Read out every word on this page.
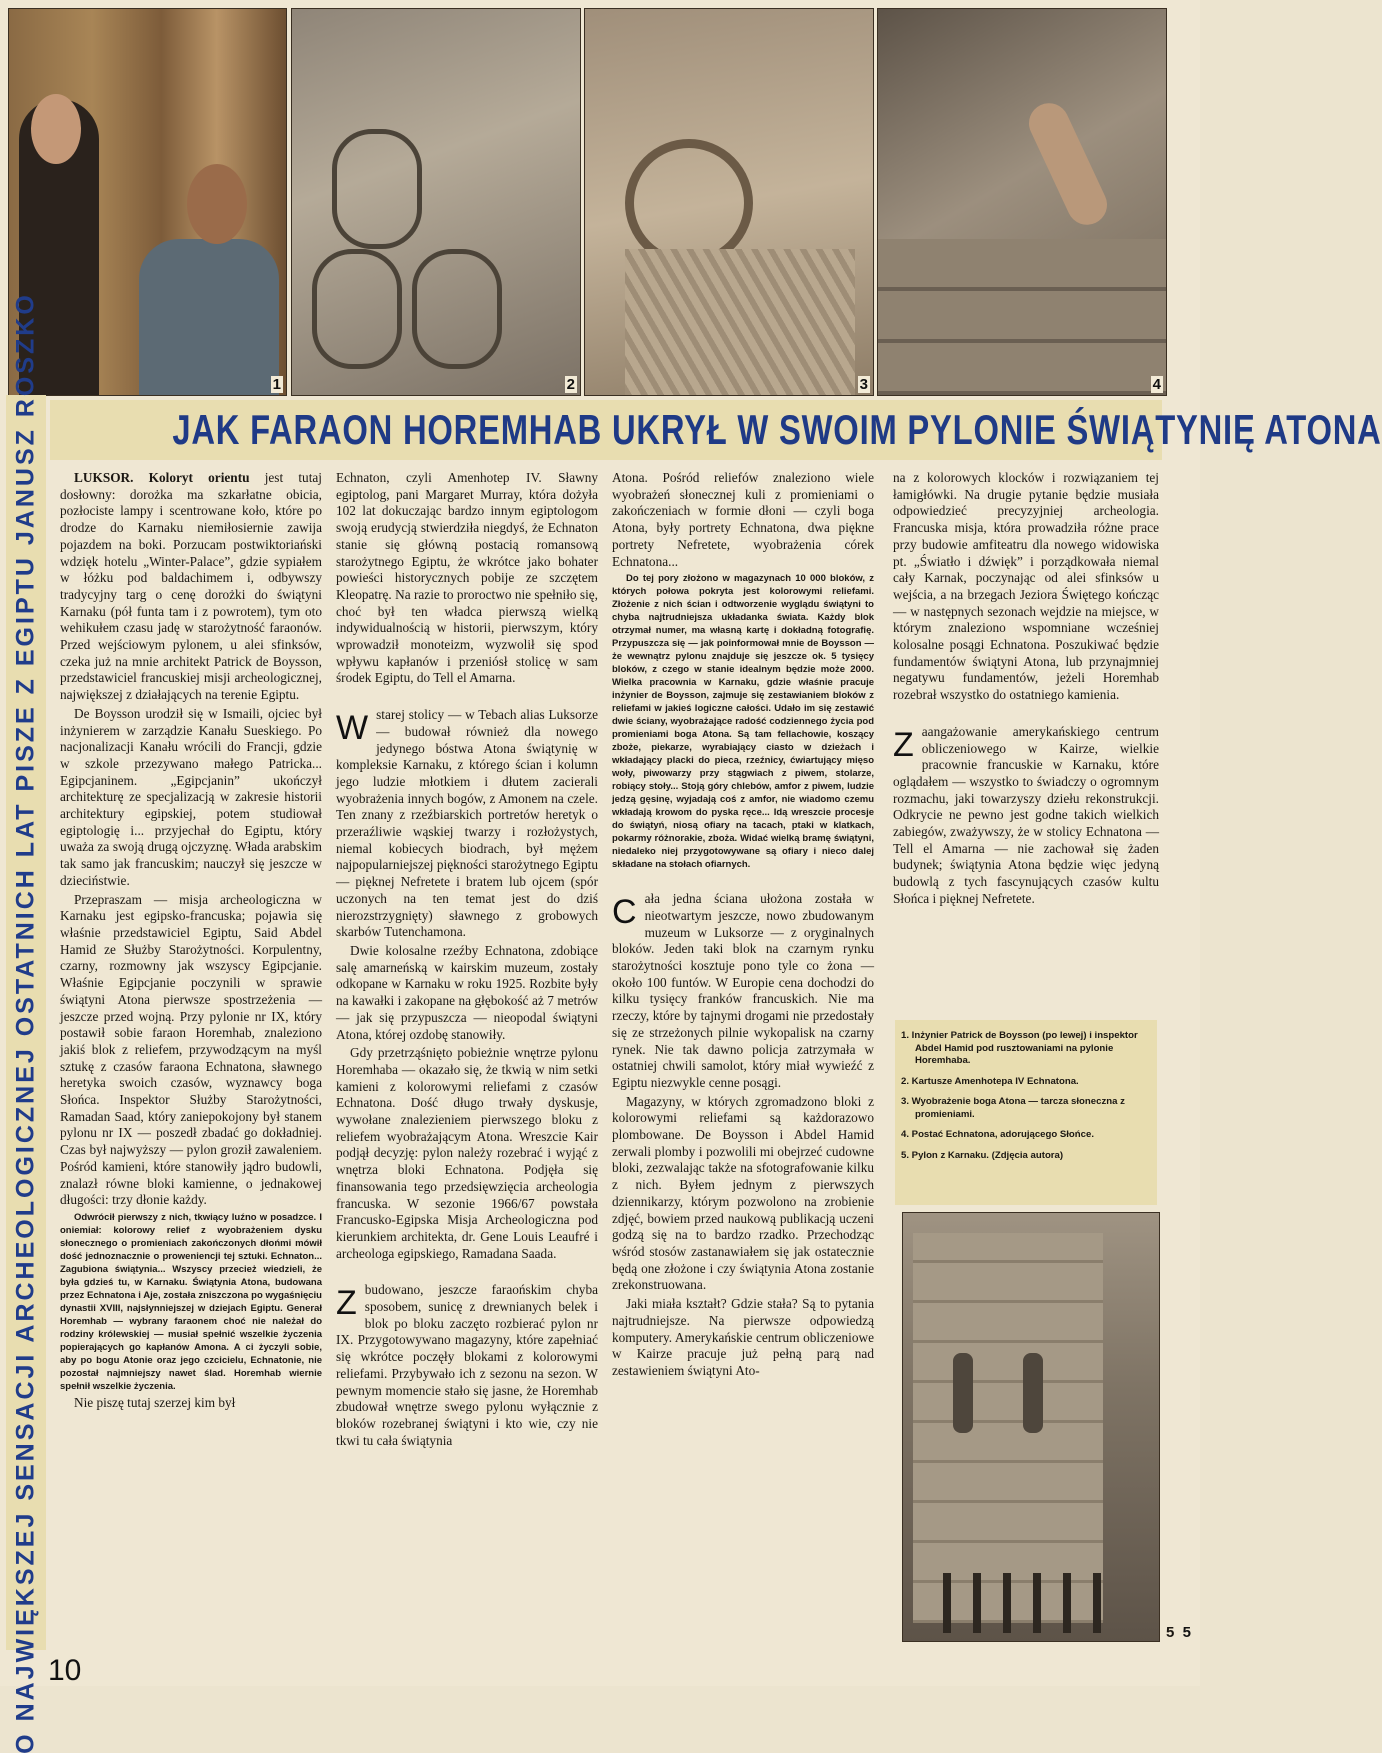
1	2	3	4
O NAJWIĘKSZEJ SENSACJI ARCHEOLOGICZNEJ OSTATNICH LAT PISZE Z EGIPTU JANUSZ ROSZKO	JAK FARAON HOREMHAB UKRYŁ W SWOIM PYLONIE ŚWIĄTYNIĘ ATONA

LUKSOR. Koloryt orientu jest tutaj dosłowny: dorożka ma szkarłatne obicia, pozłociste lampy i scentrowane koło, które po drodze do Karnaku niemiłosiernie zawija pojazdem na boki. Porzucam postwiktoriański wdzięk hotelu „Winter-Palace”, gdzie sypiałem w łóżku pod baldachimem i, odbywszy tradycyjny targ o cenę dorożki do świątyni Karnaku (pół funta tam i z powrotem), tym oto wehikułem czasu jadę w starożytność faraonów. Przed wejściowym pylonem, u alei sfinksów, czeka już na mnie architekt Patrick de Boysson, przedstawiciel francuskiej misji archeologicznej, największej z działających na terenie Egiptu.

De Boysson urodził się w Ismaili, ojciec był inżynierem w zarządzie Kanału Sueskiego. Po nacjonalizacji Kanału wrócili do Francji, gdzie w szkole przezywano małego Patricka... Egipcjaninem. „Egipcjanin” ukończył architekturę ze specjalizacją w zakresie historii architektury egipskiej, potem studiował egiptologię i... przyjechał do Egiptu, który uważa za swoją drugą ojczyznę. Włada arabskim tak samo jak francuskim; nauczył się jeszcze w dzieciństwie.

Przepraszam — misja archeologiczna w Karnaku jest egipsko-francuska; pojawia się właśnie przedstawiciel Egiptu, Said Abdel Hamid ze Służby Starożytności. Korpulentny, czarny, rozmowny jak wszyscy Egipcjanie. Właśnie Egipcjanie poczynili w sprawie świątyni Atona pierwsze spostrzeżenia — jeszcze przed wojną. Przy pylonie nr IX, który postawił sobie faraon Horemhab, znaleziono jakiś blok z reliefem, przywodzącym na myśl sztukę z czasów faraona Echnatona, sławnego heretyka swoich czasów, wyznawcy boga Słońca. Inspektor Służby Starożytności, Ramadan Saad, który zaniepokojony był stanem pylonu nr IX — poszedł zbadać go dokładniej. Czas był najwyższy — pylon groził zawaleniem. Pośród kamieni, które stanowiły jądro budowli, znalazł równe bloki kamienne, o jednakowej długości: trzy dłonie każdy.

Odwrócił pierwszy z nich, tkwiący luźno w posadzce. I oniemiał: kolorowy relief z wyobrażeniem dysku słonecznego o promieniach zakończonych dłońmi mówił dość jednoznacznie o proweniencji tej sztuki. Echnaton... Zagubiona świątynia... Wszyscy przecież wiedzieli, że była gdzieś tu, w Karnaku. Świątynia Atona, budowana przez Echnatona i Aje, została zniszczona po wygaśnięciu dynastii XVIII, najsłynniejszej w dziejach Egiptu. Generał Horemhab — wybrany faraonem choć nie należał do rodziny królewskiej — musiał spełnić wszelkie życzenia popierających go kapłanów Amona. A ci życzyli sobie, aby po bogu Atonie oraz jego czcicielu, Echnatonie, nie pozostał najmniejszy nawet ślad. Horemhab wiernie spełnił wszelkie życzenia.

Nie piszę tutaj szerzej kim był

Echnaton, czyli Amenhotep IV. Sławny egiptolog, pani Margaret Murray, która dożyła 102 lat dokuczając bardzo innym egiptologom swoją erudycją stwierdziła niegdyś, że Echnaton stanie się główną postacią romansową starożytnego Egiptu, że wkrótce jako bohater powieści historycznych pobije ze szczętem Kleopatrę. Na razie to proroctwo nie spełniło się, choć był ten władca pierwszą wielką indywidualnością w historii, pierwszym, który wprowadził monoteizm, wyzwolił się spod wpływu kapłanów i przeniósł stolicę w sam środek Egiptu, do Tell el Amarna.

Wstarej stolicy — w Tebach alias Luksorze — budował również dla nowego jedynego bóstwa Atona świątynię w kompleksie Karnaku, z którego ścian i kolumn jego ludzie młotkiem i dłutem zacierali wyobrażenia innych bogów, z Amonem na czele. Ten znany z rzeźbiarskich portretów heretyk o przeraźliwie wąskiej twarzy i rozłożystych, niemal kobiecych biodrach, był mężem najpopularniejszej piękności starożytnego Egiptu — pięknej Nefretete i bratem lub ojcem (spór uczonych na ten temat jest do dziś nierozstrzygnięty) sławnego z grobowych skarbów Tutenchamona.

Dwie kolosalne rzeźby Echnatona, zdobiące salę amarneńską w kairskim muzeum, zostały odkopane w Karnaku w roku 1925. Rozbite były na kawałki i zakopane na głębokość aż 7 metrów — jak się przypuszcza — nieopodal świątyni Atona, której ozdobę stanowiły.

Gdy przetrząśnięto pobieżnie wnętrze pylonu Horemhaba — okazało się, że tkwią w nim setki kamieni z kolorowymi reliefami z czasów Echnatona. Dość długo trwały dyskusje, wywołane znalezieniem pierwszego bloku z reliefem wyobrażającym Atona. Wreszcie Kair podjął decyzję: pylon należy rozebrać i wyjąć z wnętrza bloki Echnatona. Podjęła się finansowania tego przedsięwzięcia archeologia francuska. W sezonie 1966/67 powstała Francusko-Egipska Misja Archeologiczna pod kierunkiem architekta, dr. Gene Louis Leaufré i archeologa egipskiego, Ramadana Saada.

Zbudowano, jeszcze faraońskim chyba sposobem, sunicę z drewnianych belek i blok po bloku zaczęto rozbierać pylon nr IX. Przygotowywano magazyny, które zapełniać się wkrótce poczęły blokami z kolorowymi reliefami. Przybywało ich z sezonu na sezon. W pewnym momencie stało się jasne, że Horemhab zbudował wnętrze swego pylonu wyłącznie z bloków rozebranej świątyni i kto wie, czy nie tkwi tu cała świątynia

Atona. Pośród reliefów znaleziono wiele wyobrażeń słonecznej kuli z promieniami o zakończeniach w formie dłoni — czyli boga Atona, były portrety Echnatona, dwa piękne portrety Nefretete, wyobrażenia córek Echnatona...

Do tej pory złożono w magazynach 10 000 bloków, z których połowa pokryta jest kolorowymi reliefami. Złożenie z nich ścian i odtworzenie wyglądu świątyni to chyba najtrudniejsza układanka świata. Każdy blok otrzymał numer, ma własną kartę i dokładną fotografię. Przypuszcza się — jak poinformował mnie de Boysson — że wewnątrz pylonu znajduje się jeszcze ok. 5 tysięcy bloków, z czego w stanie idealnym będzie może 2000. Wielka pracownia w Karnaku, gdzie właśnie pracuje inżynier de Boysson, zajmuje się zestawianiem bloków z reliefami w jakieś logiczne całości. Udało im się zestawić dwie ściany, wyobrażające radość codziennego życia pod promieniami boga Atona. Są tam fellachowie, koszący zboże, piekarze, wyrabiający ciasto w dzieżach i wkładający placki do pieca, rzeźnicy, ćwiartujący mięso woły, piwowarzy przy stągwiach z piwem, stolarze, robiący stoły... Stoją góry chlebów, amfor z piwem, ludzie jedzą gęsinę, wyjadają coś z amfor, nie wiadomo czemu wkładają krowom do pyska ręce... Idą wreszcie procesje do świątyń, niosą ofiary na tacach, ptaki w klatkach, pokarmy różnorakie, zboża. Widać wielką bramę świątyni, niedaleko niej przygotowywane są ofiary i nieco dalej składane na stołach ofiarnych.

Cała jedna ściana ułożona została w nieotwartym jeszcze, nowo zbudowanym muzeum w Luksorze — z oryginalnych bloków. Jeden taki blok na czarnym rynku starożytności kosztuje pono tyle co żona — około 100 funtów. W Europie cena dochodzi do kilku tysięcy franków francuskich. Nie ma rzeczy, które by tajnymi drogami nie przedostały się ze strzeżonych pilnie wykopalisk na czarny rynek. Nie tak dawno policja zatrzymała w ostatniej chwili samolot, który miał wywieźć z Egiptu niezwykle cenne posągi.

Magazyny, w których zgromadzono bloki z kolorowymi reliefami są każdorazowo plombowane. De Boysson i Abdel Hamid zerwali plomby i pozwolili mi obejrzeć cudowne bloki, zezwalając także na sfotografowanie kilku z nich. Byłem jednym z pierwszych dziennikarzy, którym pozwolono na zrobienie zdjęć, bowiem przed naukową publikacją uczeni godzą się na to bardzo rzadko. Przechodząc wśród stosów zastanawiałem się jak ostatecznie będą one złożone i czy świątynia Atona zostanie zrekonstruowana.

Jaki miała kształt? Gdzie stała? Są to pytania najtrudniejsze. Na pierwsze odpowiedzą komputery. Amerykańskie centrum obliczeniowe w Kairze pracuje już pełną parą nad zestawieniem świątyni Ato-

na z kolorowych klocków i rozwiązaniem tej łamigłówki. Na drugie pytanie będzie musiała odpowiedzieć precyzyjniej archeologia. Francuska misja, która prowadziła różne prace przy budowie amfiteatru dla nowego widowiska pt. „Światło i dźwięk” i porządkowała niemal cały Karnak, poczynając od alei sfinksów u wejścia, a na brzegach Jeziora Świętego kończąc — w następnych sezonach wejdzie na miejsce, w którym znaleziono wspomniane wcześniej kolosalne posągi Echnatona. Poszukiwać będzie fundamentów świątyni Atona, lub przynajmniej negatywu fundamentów, jeżeli Horemhab rozebrał wszystko do ostatniego kamienia.

Zaangażowanie amerykańskiego centrum obliczeniowego w Kairze, wielkie pracownie francuskie w Karnaku, które oglądałem — wszystko to świadczy o ogromnym rozmachu, jaki towarzyszy dziełu rekonstrukcji. Odkrycie ne pewno jest godne takich wielkich zabiegów, zważywszy, że w stolicy Echnatona — Tell el Amarna — nie zachował się żaden budynek; świątynia Atona będzie więc jedyną budowlą z tych fascynujących czasów kultu Słońca i pięknej Nefretete.

1. Inżynier Patrick de Boysson (po lewej) i inspektor Abdel Hamid pod rusztowaniami na pylonie Horemhaba.
2. Kartusze Amenhotepa IV Echnatona.
3. Wyobrażenie boga Atona — tarcza słoneczna z promieniami.
4. Postać Echnatona, adorującego Słońce.
5. Pylon z Karnaku. (Zdjęcia autora)
5
5
10
